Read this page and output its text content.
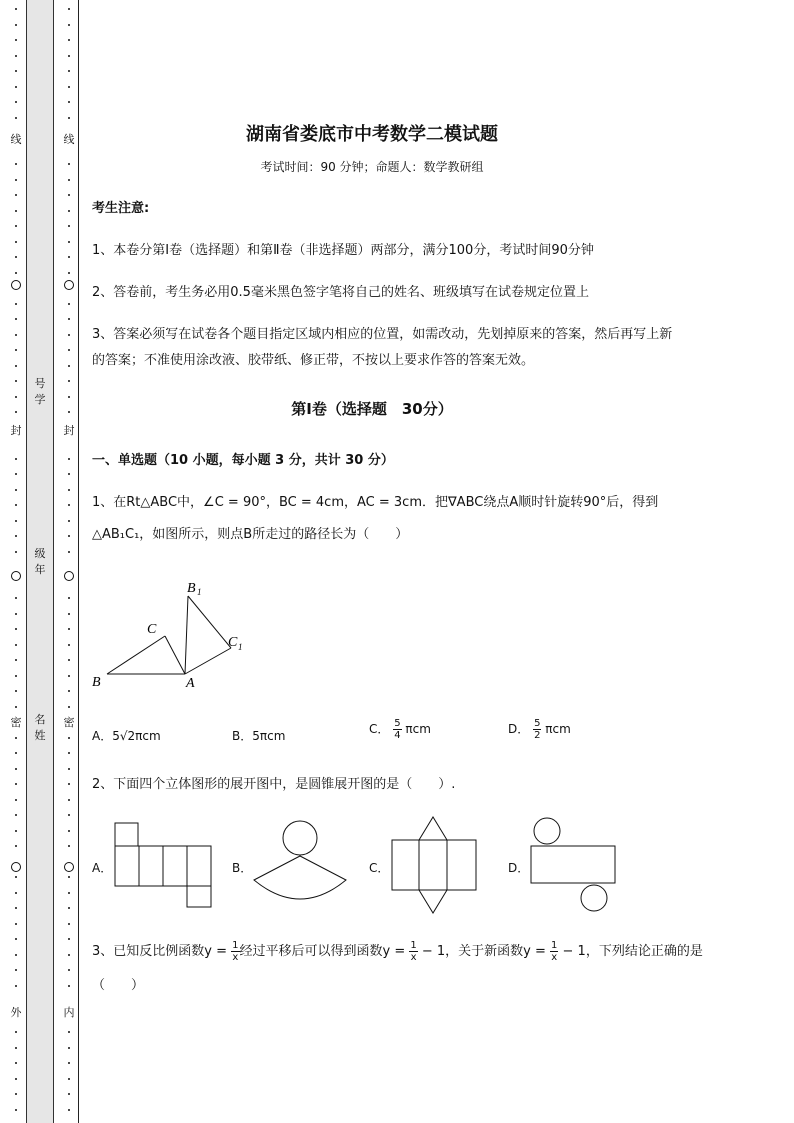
线
封
密
外
号
学
级
年
名
姓
线
封
密
内
湖南省娄底市中考数学二模试题
考试时间：90 分钟；命题人：数学教研组
考生注意:
1、本卷分第Ⅰ卷（选择题）和第Ⅱ卷（非选择题）两部分，满分100分，考试时间90分钟
2、答卷前，考生务必用0.5毫米黑色签字笔将自己的姓名、班级填写在试卷规定位置上
3、答案必须写在试卷各个题目指定区域内相应的位置，如需改动，先划掉原来的答案，然后再写上新
的答案；不准使用涂改液、胶带纸、修正带，不按以上要求作答的答案无效。
第Ⅰ卷（选择题　30分）
一、单选题（10 小题，每小题 3 分，共计 30 分）
1、在Rt△ABC中，∠C = 90°，BC = 4cm，AC = 3cm．把∇ABC绕点A顺时针旋转90°后，得到
△AB₁C₁，如图所示，则点B所走过的路径长为（　　）
B
C
A
B 1
C 1
A．5√2πcm	B．5πcm	C． $\frac{5}{4}$ πcm	D． $\frac{5}{2}$ πcm
2、下面四个立体图形的展开图中，是圆锥展开图的是（　　）.
A．	B．	C．	D．
3、已知反比例函数$y = \frac{1}{x}$ 经过平移后可以得到函数$y = \frac{1}{x} - 1$，关于新函数$y = \frac{1}{x} - 1$，下列结论正确的是
（　　）
